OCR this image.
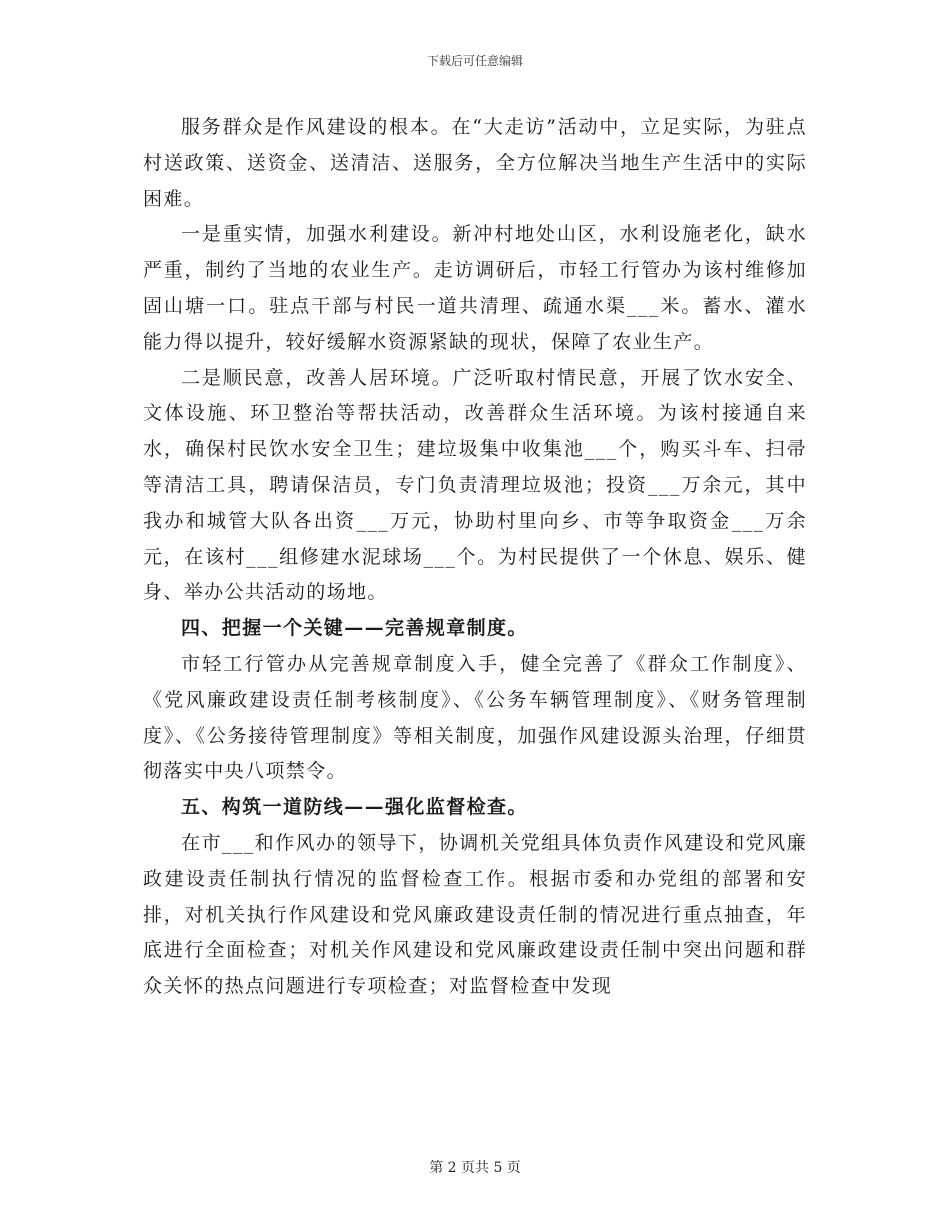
下载后可任意编辑

服务群众是作风建设的根本。在“大走访”活动中，立足实际，为驻点村送政策、送资金、送清洁、送服务，全方位解决当地生产生活中的实际困难。

一是重实情，加强水利建设。新冲村地处山区，水利设施老化，缺水严重，制约了当地的农业生产。走访调研后，市轻工行管办为该村维修加固山塘一口。驻点干部与村民一道共清理、疏通水渠___米。蓄水、灌水能力得以提升，较好缓解水资源紧缺的现状，保障了农业生产。

二是顺民意，改善人居环境。广泛听取村情民意，开展了饮水安全、文体设施、环卫整治等帮扶活动，改善群众生活环境。为该村接通自来水，确保村民饮水安全卫生；建垃圾集中收集池___个，购买斗车、扫帚等清洁工具，聘请保洁员，专门负责清理垃圾池；投资___万余元，其中我办和城管大队各出资___万元，协助村里向乡、市等争取资金___万余元，在该村___组修建水泥球场___个。为村民提供了一个休息、娱乐、健身、举办公共活动的场地。

四、把握一个关键——完善规章制度。

市轻工行管办从完善规章制度入手，健全完善了《群众工作制度》、《党风廉政建设责任制考核制度》、《公务车辆管理制度》、《财务管理制度》、《公务接待管理制度》等相关制度，加强作风建设源头治理，仔细贯彻落实中央八项禁令。

五、构筑一道防线——强化监督检查。

在市___和作风办的领导下，协调机关党组具体负责作风建设和党风廉政建设责任制执行情况的监督检查工作。根据市委和办党组的部署和安排，对机关执行作风建设和党风廉政建设责任制的情况进行重点抽查，年底进行全面检查；对机关作风建设和党风廉政建设责任制中突出问题和群众关怀的热点问题进行专项检查；对监督检查中发现

第 2 页共 5 页
